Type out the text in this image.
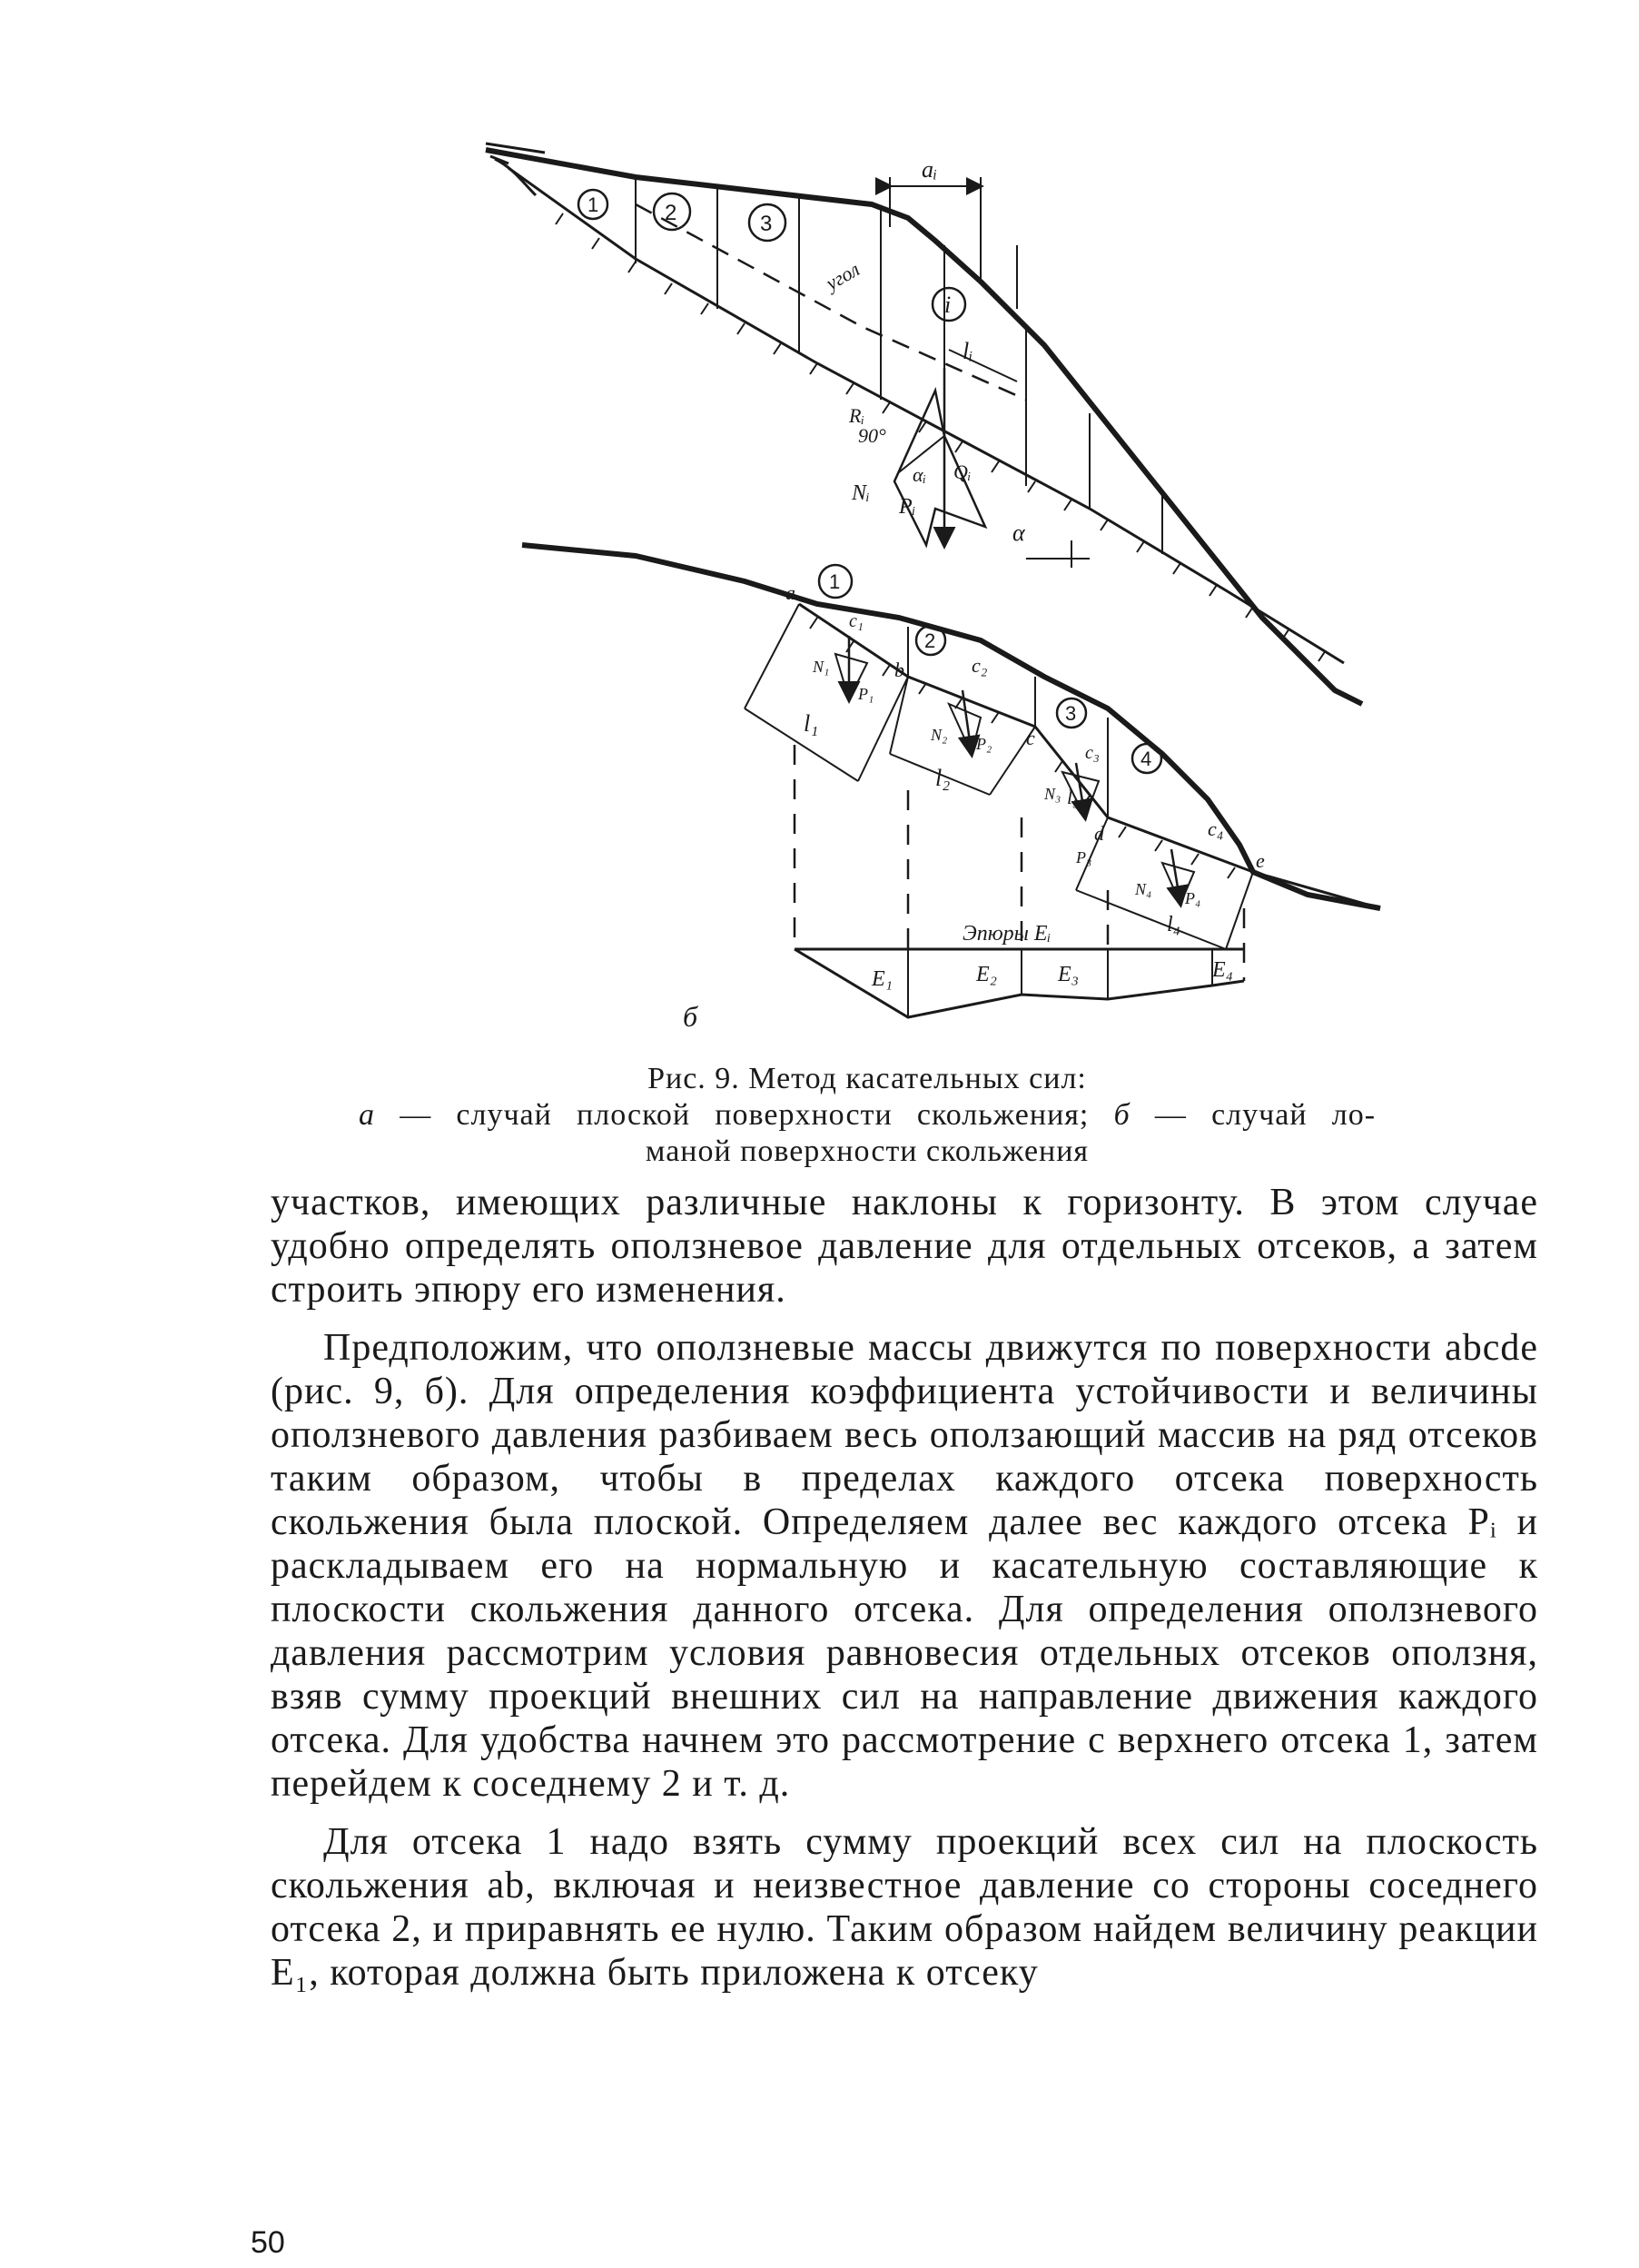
1	2	3
i
aᵢ
lᵢ
угол
Rᵢ
90°
Nᵢ
Pᵢ
αᵢ Qᵢ
α
1
2
3
4
a
b
c
d
e
l₁
l₂
l₃
l₄
N₁
P₁
N₂ P₂
N₃
P₃
N₄ P₄
c₁
c₂
c₃
c₄
Эпюры Eᵢ
E₁	E₂	E₃	E₄
б
Рис. 9. Метод касательных сил:
а — случай плоской поверхности скольжения; б — случай ло-
маной поверхности скольжения

участков, имеющих различные наклоны к горизонту. В этом случае удобно определять оползневое давление для отдельных отсеков, а затем строить эпюру его изменения.

Предположим, что оползневые массы движутся по поверхности abcde (рис. 9, б). Для определения коэффициента устойчивости и величины оползневого давления разбиваем весь оползающий массив на ряд отсеков таким образом, чтобы в пределах каждого отсека поверхность скольжения была плоской. Определяем далее вес каждого отсека Pᵢ и раскладываем его на нормальную и касательную составляющие к плоскости скольжения данного отсека. Для определения оползневого давления рассмотрим условия равновесия отдельных отсеков оползня, взяв сумму проекций внешних сил на направление движения каждого отсека. Для удобства начнем это рассмотрение с верхнего отсека 1, затем перейдем к соседнему 2 и т. д.

Для отсека 1 надо взять сумму проекций всех сил на плоскость скольжения ab, включая и неизвестное давление со стороны соседнего отсека 2, и приравнять ее нулю. Таким образом найдем величину реакции E₁, которая должна быть приложена к отсеку

50
